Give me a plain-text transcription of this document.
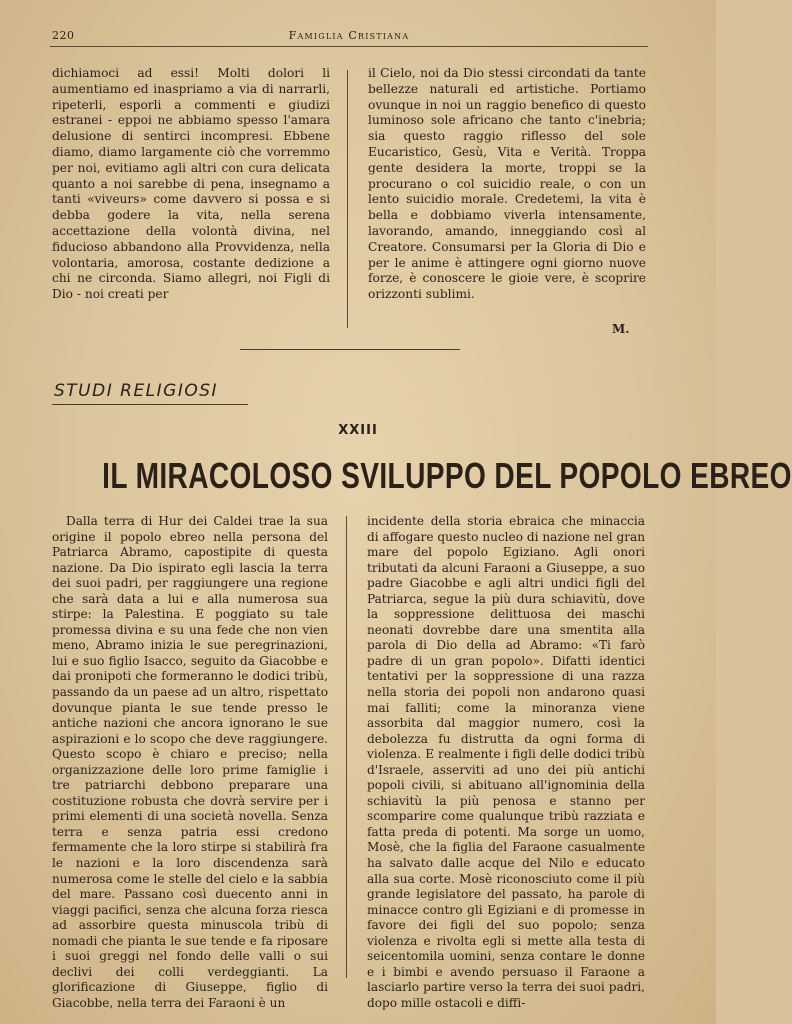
220	Famiglia Cristiana

dichiamoci ad essi! Molti dolori li aumentiamo ed inaspriamo a via di narrarli, ripeterli, esporli a commenti e giudizi estranei - eppoi ne abbiamo spesso l'amara delusione di sentirci incompresi. Ebbene diamo, diamo largamente ciò che vorremmo per noi, evitiamo agli altri con cura delicata quanto a noi sarebbe di pena, insegnamo a tanti «viveurs» come davvero si possa e si debba godere la vita, nella serena accettazione della volontà divina, nel fiducioso abbandono alla Provvidenza, nella volontaria, amorosa, costante dedizione a chi ne circonda. Siamo allegri, noi Figli di Dio - noi creati per

il Cielo, noi da Dio stessi circondati da tante bellezze naturali ed artistiche. Portiamo ovunque in noi un raggio benefico di questo luminoso sole africano che tanto c'inebria; sia questo raggio riflesso del sole Eucaristico, Gesù, Vita e Verità. Troppa gente desidera la morte, troppi se la procurano o col suicidio reale, o con un lento suicidio morale. Credetemi, la vita è bella e dobbiamo viverla intensamente, lavorando, amando, inneggiando così al Creatore. Consumarsi per la Gloria di Dio e per le anime è attingere ogni giorno nuove forze, è conoscere le gioie vere, è scoprire orizzonti sublimi.

M.
STUDI RELIGIOSI
XXIII
IL MIRACOLOSO SVILUPPO DEL POPOLO EBREO

Dalla terra di Hur dei Caldei trae la sua origine il popolo ebreo nella persona del Patriarca Abramo, capostipite di questa nazione. Da Dio ispirato egli lascia la terra dei suoi padri, per raggiungere una regione che sarà data a lui e alla numerosa sua stirpe: la Palestina. E poggiato su tale promessa divina e su una fede che non vien meno, Abramo inizia le sue peregrinazioni, lui e suo figlio Isacco, seguito da Giacobbe e dai pronipoti che formeranno le dodici tribù, passando da un paese ad un altro, rispettato dovunque pianta le sue tende presso le antiche nazioni che ancora ignorano le sue aspirazioni e lo scopo che deve raggiungere. Questo scopo è chiaro e preciso; nella organizzazione delle loro prime famiglie i tre patriarchi debbono preparare una costituzione robusta che dovrà servire per i primi elementi di una società novella. Senza terra e senza patria essi credono fermamente che la loro stirpe si stabilirà fra le nazioni e la loro discendenza sarà numerosa come le stelle del cielo e la sabbia del mare. Passano così duecento anni in viaggi pacifici, senza che alcuna forza riesca ad assorbire questa minuscola tribù di nomadi che pianta le sue tende e fa riposare i suoi greggi nel fondo delle valli o sui declivi dei colli verdeggianti. La glorificazione di Giuseppe, figlio di Giacobbe, nella terra dei Faraoni è un

incidente della storia ebraica che minaccia di affogare questo nucleo di nazione nel gran mare del popolo Egiziano. Agli onori tributati da alcuni Faraoni a Giuseppe, a suo padre Giacobbe e agli altri undici figli del Patriarca, segue la più dura schiavitù, dove la soppressione delittuosa dei maschi neonati dovrebbe dare una smentita alla parola di Dio della ad Abramo: «Ti farò padre di un gran popolo». Difatti identici tentativi per la soppressione di una razza nella storia dei popoli non andarono quasi mai falliti; come la minoranza viene assorbita dal maggior numero, così la debolezza fu distrutta da ogni forma di violenza. E realmente i figli delle dodici tribù d'Israele, asserviti ad uno dei più antichi popoli civili, si abituano all'ignominia della schiavitù la più penosa e stanno per scomparire come qualunque tribù razziata e fatta preda di potenti. Ma sorge un uomo, Mosè, che la figlia del Faraone casualmente ha salvato dalle acque del Nilo e educato alla sua corte. Mosè riconosciuto come il più grande legislatore del passato, ha parole di minacce contro gli Egiziani e di promesse in favore dei figli del suo popolo; senza violenza e rivolta egli si mette alla testa di seicentomila uomini, senza contare le donne e i bimbi e avendo persuaso il Faraone a lasciarlo partire verso la terra dei suoi padri, dopo mille ostacoli e diffi-
